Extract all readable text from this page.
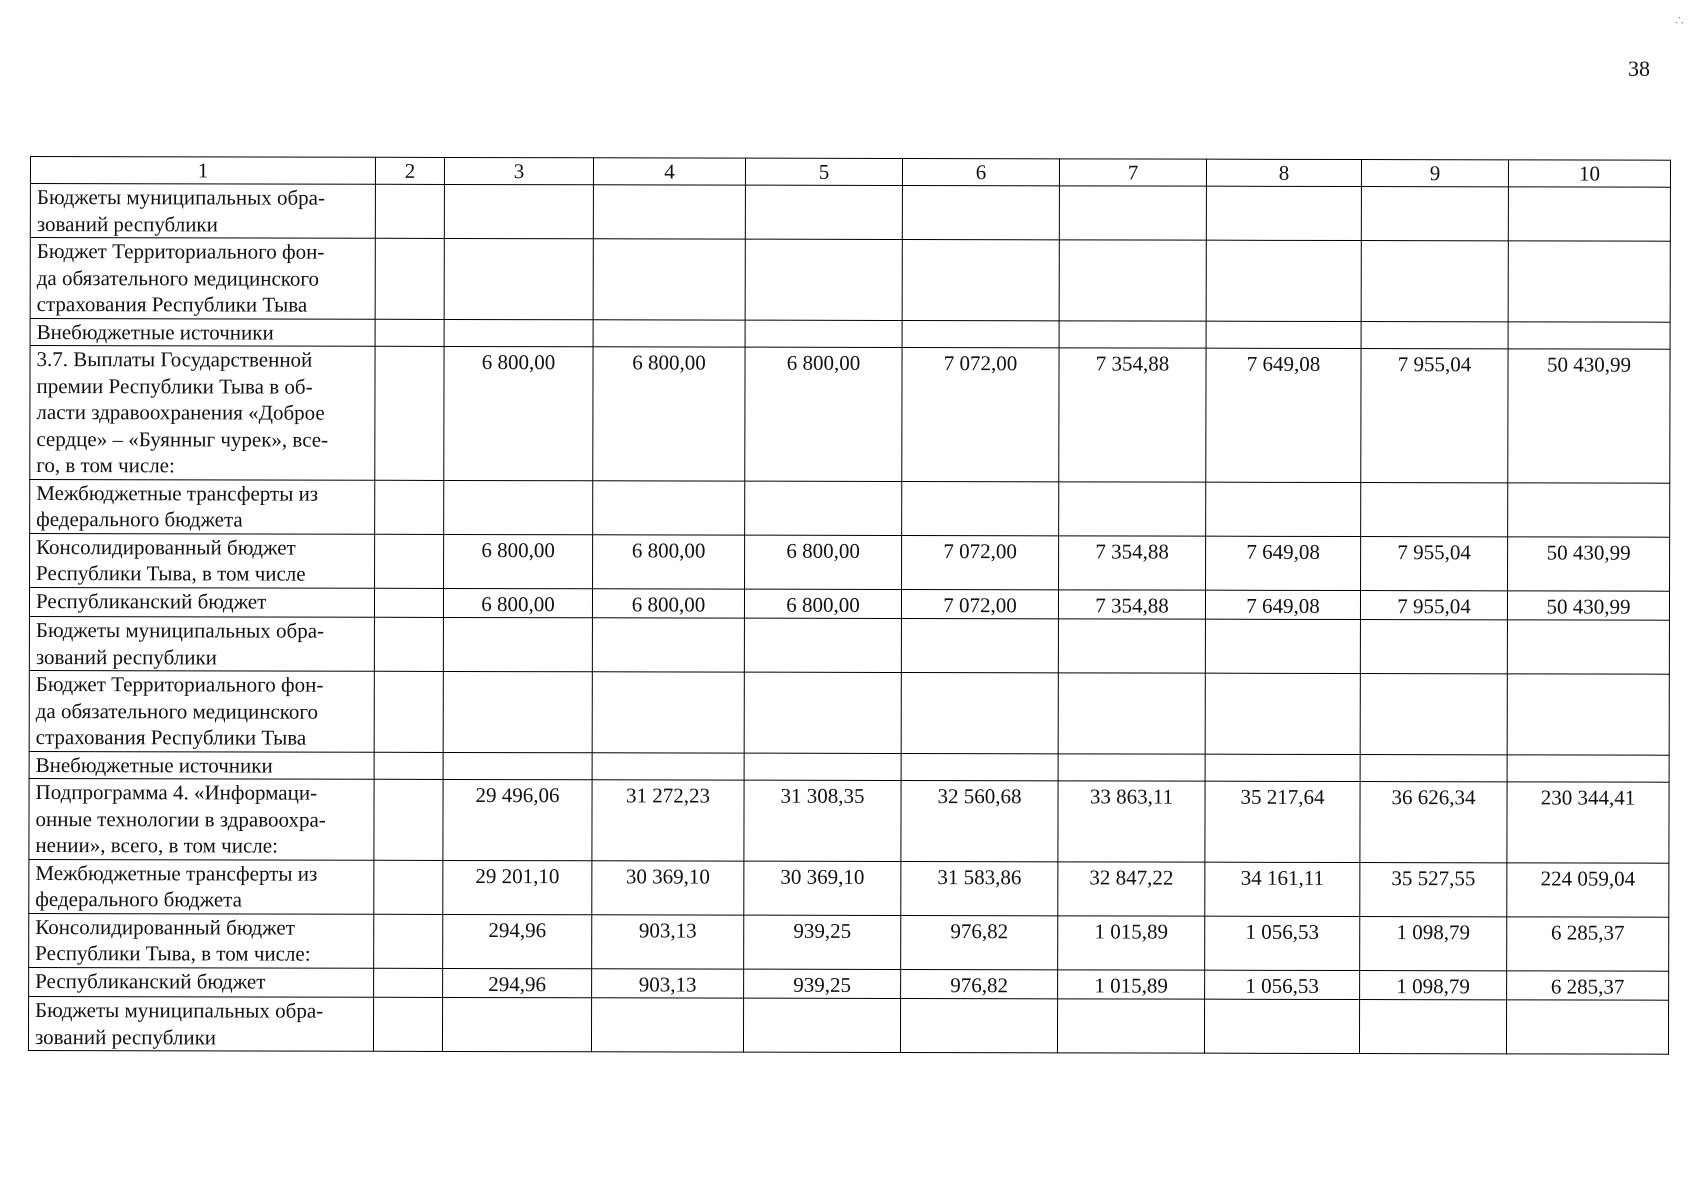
∴
38
1	2	3	4	5	6	7	8	9	10

Бюджеты муниципальных обра-
зований республики									

Бюджет Территориального фон-
да обязательного медицинского
страхования Республики Тыва									

Внебюджетные источники									

3.7. Выплаты Государственной
премии Республики Тыва в об-
ласти здравоохранения «Доброе
сердце» – «Буянныг чурек», все-
го, в том числе:		6 800,00	6 800,00	6 800,00	7 072,00	7 354,88	7 649,08	7 955,04	50 430,99

Межбюджетные трансферты из
федерального бюджета									

Консолидированный бюджет
Республики Тыва, в том числе		6 800,00	6 800,00	6 800,00	7 072,00	7 354,88	7 649,08	7 955,04	50 430,99

Республиканский бюджет		6 800,00	6 800,00	6 800,00	7 072,00	7 354,88	7 649,08	7 955,04	50 430,99

Бюджеты муниципальных обра-
зований республики									

Бюджет Территориального фон-
да обязательного медицинского
страхования Республики Тыва									

Внебюджетные источники									

Подпрограмма 4. «Информаци-
онные технологии в здравоохра-
нении», всего, в том числе:		29 496,06	31 272,23	31 308,35	32 560,68	33 863,11	35 217,64	36 626,34	230 344,41

Межбюджетные трансферты из
федерального бюджета		29 201,10	30 369,10	30 369,10	31 583,86	32 847,22	34 161,11	35 527,55	224 059,04

Консолидированный бюджет
Республики Тыва, в том числе:		294,96	903,13	939,25	976,82	1 015,89	1 056,53	1 098,79	6 285,37

Республиканский бюджет		294,96	903,13	939,25	976,82	1 015,89	1 056,53	1 098,79	6 285,37

Бюджеты муниципальных обра-
зований республики									
